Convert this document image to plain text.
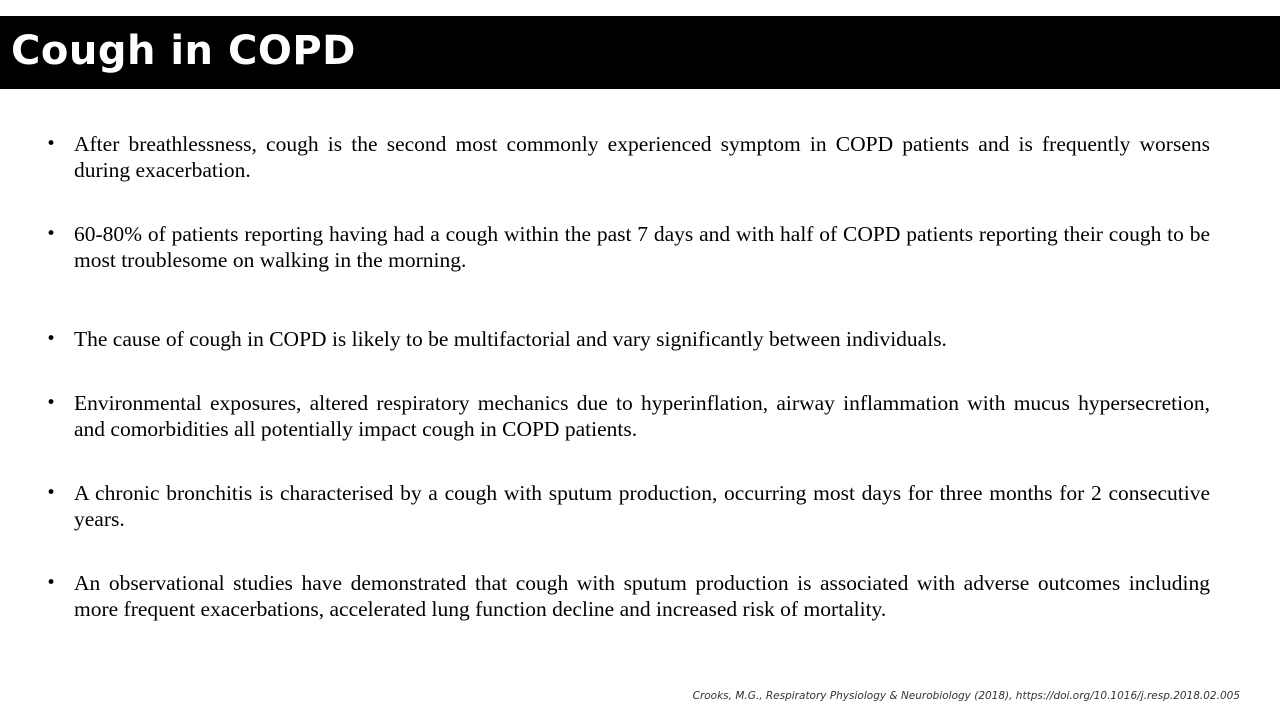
Cough in COPD
• After breathlessness, cough is the second most commonly experienced symptom in COPD patients and is frequently worsens during exacerbation.
• 60-80% of patients reporting having had a cough within the past 7 days and with half of COPD patients reporting their cough to be most troublesome on walking in the morning.
• The cause of cough in COPD is likely to be multifactorial and vary significantly between individuals.
• Environmental exposures, altered respiratory mechanics due to hyperinflation, airway inflammation with mucus hypersecretion, and comorbidities all potentially impact cough in COPD patients.
• A chronic bronchitis is characterised by a cough with sputum production, occurring most days for three months for 2 consecutive years.
• An observational studies have demonstrated that cough with sputum production is associated with adverse outcomes including more frequent exacerbations, accelerated lung function decline and increased risk of mortality.
Crooks, M.G., Respiratory Physiology & Neurobiology (2018), https://doi.org/10.1016/j.resp.2018.02.005
